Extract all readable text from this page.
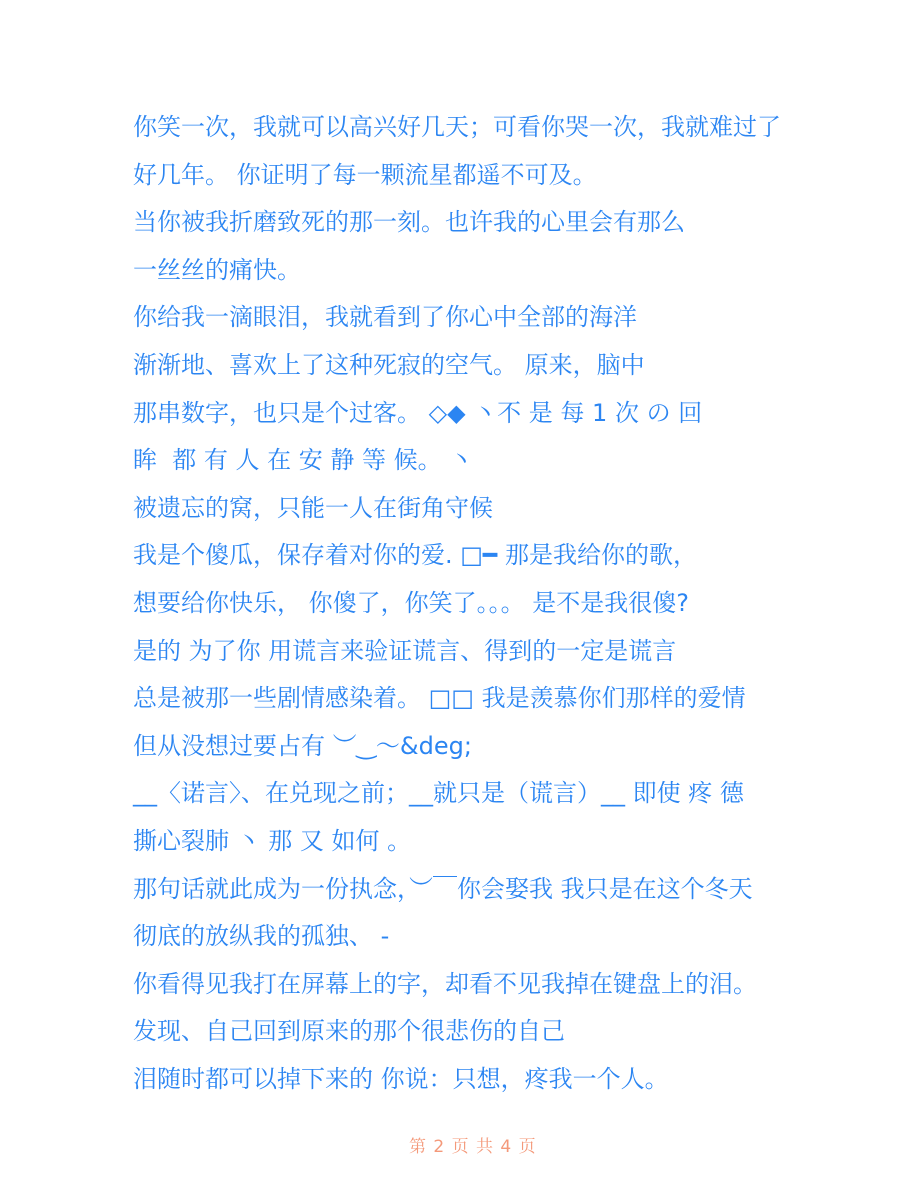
你笑一次，我就可以高兴好几天；可看你哭一次，我就难过了
好几年。 你证明了每一颗流星都遥不可及。
当你被我折磨致死的那一刻。也许我的心里会有那么
一丝丝的痛快。
你给我一滴眼泪，我就看到了你心中全部的海洋
渐渐地、喜欢上了这种死寂的空气。 原来，脑中
那串数字，也只是个过客。 ◇◆ 丶不 是 每 1 次 の 回
眸  都 有 人 在 安 静 等 候。 丶
被遗忘的窝，只能一人在街角守候
我是个傻瓜，保存着对你的爱. □━ 那是我给你的歌，
想要给你快乐， 你傻了，你笑了。。。 是不是我很傻?
是的 为了你 用谎言来验证谎言、得到的一定是谎言
总是被那一些剧情感染着。 □□ 我是羡慕你们那样的爱情
但从没想过要占有 ︶‿〜&deg;
__〈诺言〉、在兑现之前；__就只是（谎言）__ 即使 疼 德
撕心裂肺 丶 那 又 如何 。
那句话就此成为一份执念，︶￣你会娶我 我只是在这个冬天
彻底的放纵我的孤独、 -
你看得见我打在屏幕上的字，却看不见我掉在键盘上的泪。
发现、自己回到原来的那个很悲伤的自己
泪随时都可以掉下来的 你说：只想，疼我一个人。

第 2 页 共 4 页
